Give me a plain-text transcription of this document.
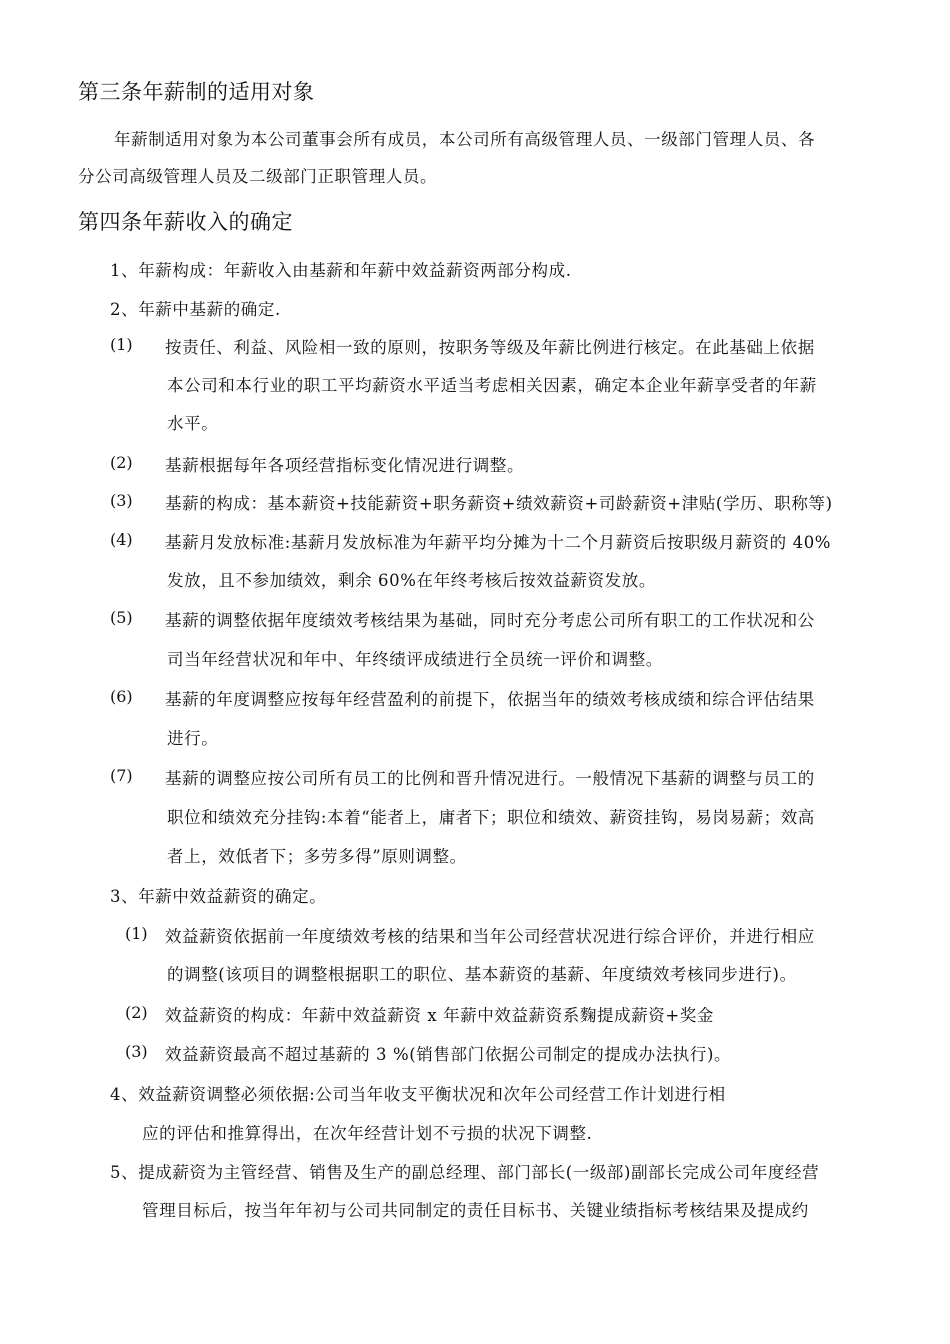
第三条年薪制的适用对象
年薪制适用对象为本公司董事会所有成员，本公司所有高级管理人员、一级部门管理人员、各
分公司高级管理人员及二级部门正职管理人员。
第四条年薪收入的确定
1、年薪构成：年薪收入由基薪和年薪中效益薪资两部分构成.
2、年薪中基薪的确定.
(1) 按责任、利益、风险相一致的原则，按职务等级及年薪比例进行核定。在此基础上依据
本公司和本行业的职工平均薪资水平适当考虑相关因素，确定本企业年薪享受者的年薪
水平。
(2) 基薪根据每年各项经营指标变化情况进行调整。
(3) 基薪的构成：基本薪资+技能薪资+职务薪资+绩效薪资+司龄薪资+津贴(学历、职称等)
(4) 基薪月发放标准:基薪月发放标准为年薪平均分摊为十二个月薪资后按职级月薪资的 40%
发放，且不参加绩效，剩余 60%在年终考核后按效益薪资发放。
(5) 基薪的调整依据年度绩效考核结果为基础，同时充分考虑公司所有职工的工作状况和公
司当年经营状况和年中、年终绩评成绩进行全员统一评价和调整。
(6) 基薪的年度调整应按每年经营盈利的前提下，依据当年的绩效考核成绩和综合评估结果
进行。
(7) 基薪的调整应按公司所有员工的比例和晋升情况进行。一般情况下基薪的调整与员工的
职位和绩效充分挂钩:本着“能者上，庸者下；职位和绩效、薪资挂钩，易岗易薪；效高
者上，效低者下；多劳多得”原则调整。
3、年薪中效益薪资的确定。
(1) 效益薪资依据前一年度绩效考核的结果和当年公司经营状况进行综合评价，并进行相应
的调整(该项目的调整根据职工的职位、基本薪资的基薪、年度绩效考核同步进行)。
(2) 效益薪资的构成：年薪中效益薪资 x 年薪中效益薪资系麴提成薪资+奖金
(3) 效益薪资最高不超过基薪的 3 %(销售部门依据公司制定的提成办法执行)。
4、效益薪资调整必须依据:公司当年收支平衡状况和次年公司经营工作计划进行相
应的评估和推算得出，在次年经营计划不亏损的状况下调整.
5、提成薪资为主管经营、销售及生产的副总经理、部门部长(一级部)副部长完成公司年度经营
管理目标后，按当年年初与公司共同制定的责任目标书、关键业绩指标考核结果及提成约
